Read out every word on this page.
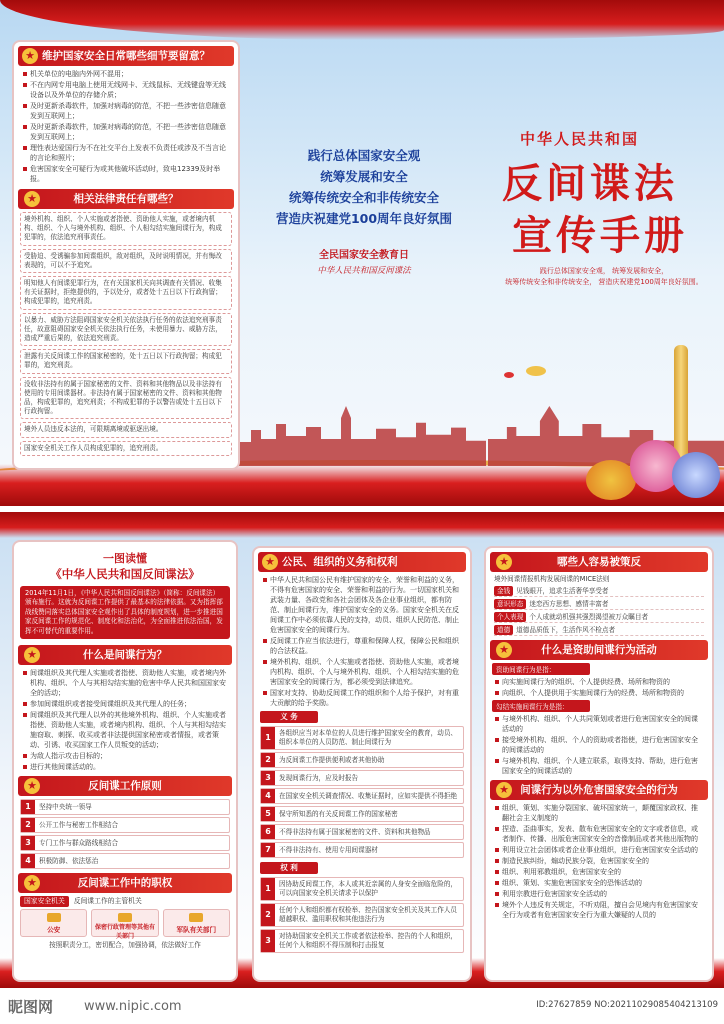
★ 维护国家安全日常哪些细节要留意？
机关单位的电脑内外网不混用；
不在内网专用电脑上使用无线网卡、无线鼠标、无线键盘等无线设备以及外单位的存储介质；
及时更新杀毒软件，加强对病毒的防范，不把一些涉密信息随意发到互联网上；
及时更新杀毒软件，加强对病毒的防范，不把一些涉密信息随意发到互联网上；
理性表达爱国行为不在社交平台上发表不负责任或涉及不当言论的言论和照片；
危害国家安全可疑行为或其他破坏活动时，致电12339及时举报。
★	相关法律责任有哪些？

境外机构、组织、个人实施或者指使、资助他人实施，或者境内机构、组织、个人与境外机构、组织、个人相勾结实施间谍行为，构成犯罪的，依法追究刑事责任。

受胁迫、受诱骗参加间谍组织，敌对组织，及时说明情况，并有悔改表现的，可以不予追究。

明知他人有间谍犯罪行为，在有关国家机关向其调查有关情况、收集有关证据时，拒绝提供的，予以处分，或者处十五日以下行政拘留；构成犯罪的，追究刑责。

以暴力、威胁方法阻碍国家安全机关依法执行任务的依法追究刑事责任，故意阻碍国家安全机关依法执行任务，未使用暴力、威胁方法，造成严重后果的，依法追究刑责。

泄露有关反间谍工作的国家秘密的，处十五日以下行政拘留；构成犯罪的，追究刑责。

没收非法持有的属于国家秘密的文件、资料和其他物品以及非法持有使用的专用间谍器材。非法持有属于国家秘密的文件、资料和其他物品，构成犯罪的，追究刑责；不构成犯罪的予以警告或处十五日以下行政拘留。

境外人员违反本法的，可限期离境或驱逐出境。

国家安全机关工作人员构成犯罪的，追究刑责。

践行总体国家安全观
统筹发展和安全
统筹传统安全和非传统安全
营造庆祝建党100周年良好氛围
全民国家安全教育日
中华人民共和国反间谍法
中华人民共和国
反间谍法
宣传手册
践行总体国家安全观， 统筹发展和安全，
统筹传统安全和非传统安全， 营造庆祝建党100周年良好氛围。
一图读懂
《中华人民共和国反间谍法》
2014年11月1日，《中华人民共和国反间谍法》（简称：反间谍法）颁布施行。这就为反间谍工作提供了最基本的法律依据。又为指挥部战线赞同落实总体国家安全观作出了具体的制度规划，进一步推进国家反间谍工作的规范化、制度化和法治化，为全面推进依法治国，发挥不可替代的重要作用。
★	什么是间谍行为？
间谍组织及其代理人实施或者指使、资助他人实施，或者境内外机构、组织、个人与其相勾结实施的危害中华人民共和国国家安全的活动；
参加间谍组织或者接受间谍组织及其代理人的任务；
间谍组织及其代理人以外的其他境外机构、组织、个人实施或者指使、资助他人实施，或者境内机构、组织、个人与其相勾结实施窃取、刺探、收买或者非法提供国家秘密或者情报，或者策动、引诱、收买国家工作人员叛变的活动；
为敌人指示攻击目标的；
进行其他间谍活动的。
★	反间谍工作原则
1	坚持中央统一领导
2	公开工作与秘密工作相结合
3	专门工作与群众路线相结合
4	积极防御、依法惩治
★	反间谍工作中的职权
国家安全机关	反间谍工作的主管机关
公安	保密行政管理等其他有关部门
军队有关部门
按照职责分工，密切配合，加强协调，依法做好工作
★ 公民、组织的义务和权利
中华人民共和国公民有维护国家的安全、荣誉和利益的义务，不得有危害国家的安全、荣誉和利益的行为。一切国家机关和武装力量、各政党和各社会团体及各企业事业组织，都有防范、制止间谍行为，维护国家安全的义务。国家安全机关在反间谍工作中必须依靠人民的支持，动员、组织人民防范、制止危害国家安全的间谍行为。
反间谍工作应当依法进行，尊重和保障人权，保障公民和组织的合法权益。
境外机构、组织、个人实施或者指使、资助他人实施，或者境内机构、组织、个人与境外机构、组织、个人相勾结实施的危害国家安全的间谍行为，都必须受到法律追究。
国家对支持、协助反间谍工作的组织和个人给予保护，对有重大贡献的给予奖励。
义 务
1	各组织应当对本单位的人员进行维护国家安全的教育，动员、组织本单位的人员防范、制止间谍行为
2	为反间谍工作提供便利或者其他协助
3	发现间谍行为，应及时报告
4	在国家安全机关调查情况、收集证据时，应如实提供不得拒绝
5	保守所知悉的有关反间谍工作的国家秘密
6	不得非法持有属于国家秘密的文件、资料和其他物品
7	不得非法持有、使用专用间谍器材
权 利
1	因协助反间谍工作，本人或其近亲属的人身安全面临危险的，可以向国家安全机关请求予以保护
2	任何个人和组织都有权检举、控告国家安全机关及其工作人员超越职权、滥用职权和其他违法行为
3	对协助国家安全机关工作或者依法检举、控告的个人和组织，任何个人和组织不得压制和打击报复
★	哪些人容易被策反
境外间谍情报机构发展间谍的MICE法则
金钱 见钱眼开，追求生活奢华享受者
意识形态 迷恋西方思想、感情丰富者
个人表现 个人成就动机强其强烈渴望被万众瞩目者
道德 道德品质低下，生活作风不检点者
★	什么是资助间谍行为活动
资助间谍行为是指：
向实施间谍行为的组织、个人提供经费、场所和物资的
向组织、个人提供用于实施间谍行为的经费、场所和物资的
勾结实施间谍行为是指：
与境外机构、组织、个人共同策划或者进行危害国家安全的间谍活动的
接受境外机构、组织、个人的资助或者指使，进行危害国家安全的间谍活动的
与境外机构、组织、个人建立联系，取得支持、帮助，进行危害国家安全的间谍活动的
★ 间谍行为以外危害国家安全的行为
组织、策划、实施分裂国家、破坏国家统一，颠覆国家政权、推翻社会主义制度的
捏造、歪曲事实，发表、散布危害国家安全的文字或者信息，或者制作、传播、出版危害国家安全的音像制品或者其他出版物的
利用设立社会团体或者企业事业组织，进行危害国家安全活动的
制造民族纠纷，煽动民族分裂，危害国家安全的
组织、利用邪教组织，危害国家安全的
组织、策划、实施危害国家安全的恐怖活动的
利用宗教进行危害国家安全活动的
境外个人违反有关规定，不听劝阻，擅自会见境内有危害国家安全行为或者有危害国家安全行为重大嫌疑的人员的
昵图网 www.nipic.com	ID:27627859 NO:20211029085404213109
